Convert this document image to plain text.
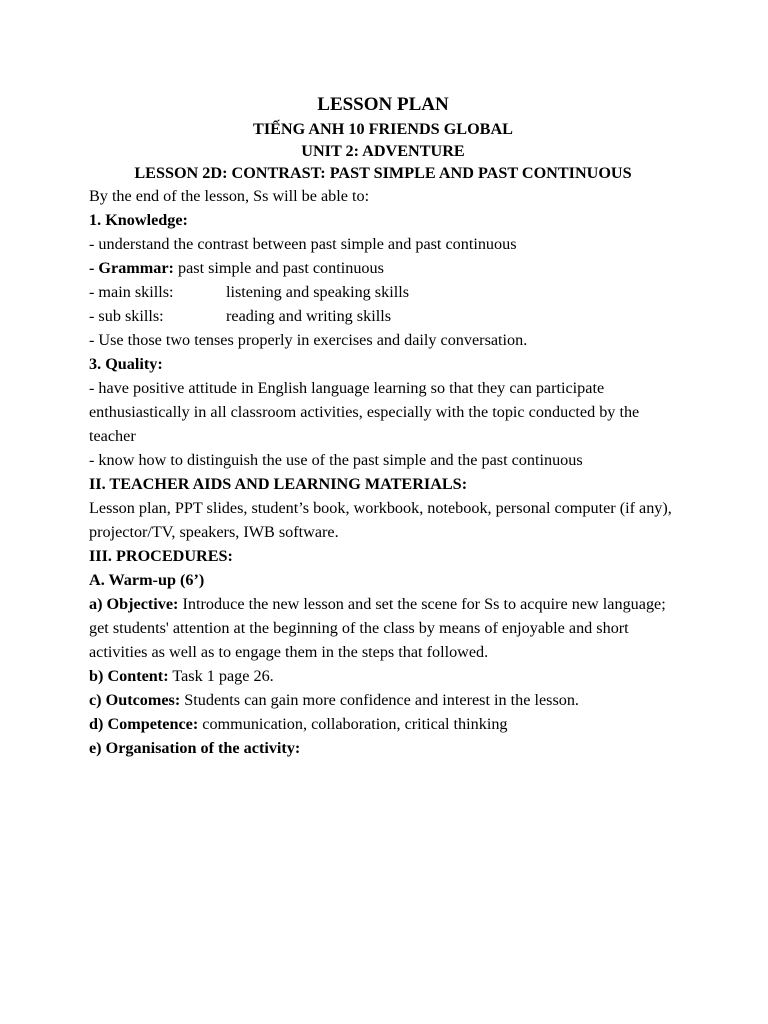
LESSON PLAN
TIẾNG ANH 10 FRIENDS GLOBAL
UNIT 2: ADVENTURE
LESSON 2D: CONTRAST: PAST SIMPLE AND PAST CONTINUOUS
By the end of the lesson, Ss will be able to:
1. Knowledge:
- understand the contrast between past simple and past continuous
- Grammar: past simple and past continuous
- main skills:	listening and speaking skills
- sub skills:	reading and writing skills
- Use those two tenses properly in exercises and daily conversation.
3. Quality:
- have positive attitude in English language learning so that they can participate enthusiastically in all classroom activities, especially with the topic conducted by the teacher
- know how to distinguish the use of the past simple and the past continuous
II. TEACHER AIDS AND LEARNING MATERIALS:
Lesson plan, PPT slides, student’s book, workbook, notebook, personal computer (if any), projector/TV, speakers, IWB software.
III. PROCEDURES:
A. Warm-up (6’)
a) Objective: Introduce the new lesson and set the scene for Ss to acquire new language; get students' attention at the beginning of the class by means of enjoyable and short activities as well as to engage them in the steps that followed.
b) Content: Task 1 page 26.
c) Outcomes: Students can gain more confidence and interest in the lesson.
d) Competence: communication, collaboration, critical thinking
e) Organisation of the activity:
